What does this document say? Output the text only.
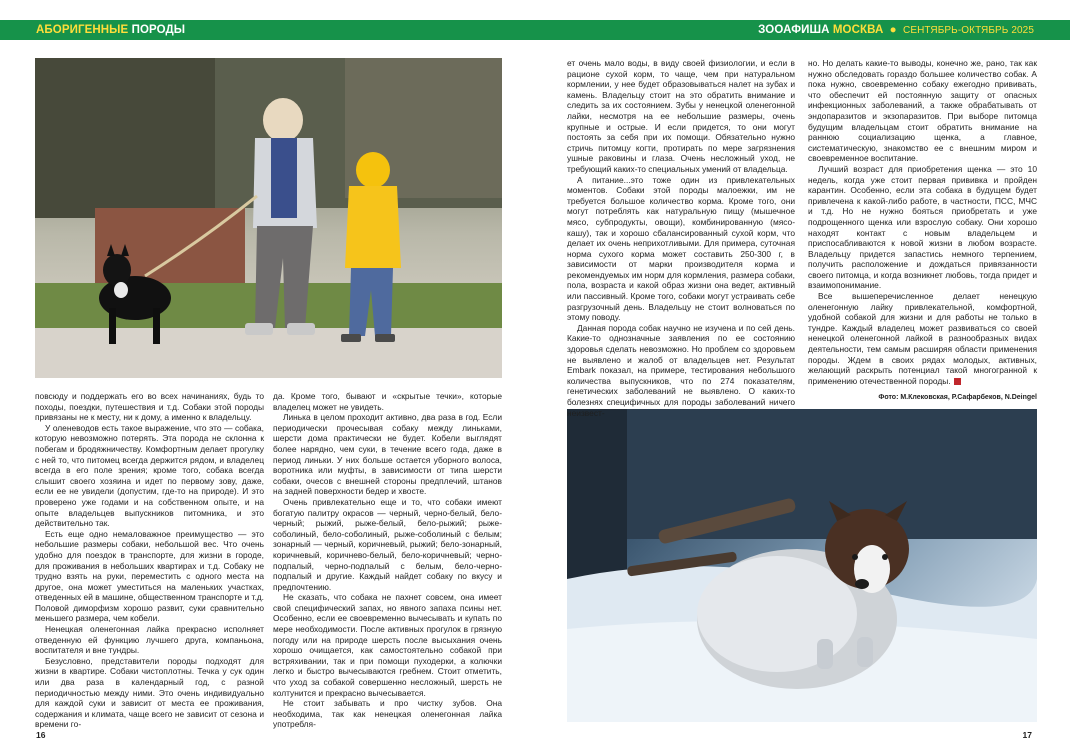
АБОРИГЕННЫЕ ПОРОДЫ	ЗООАФИША МОСКВА ● СЕНТЯБРЬ-ОКТЯБРЬ 2025

повсюду и поддержать его во всех начинаниях, будь то походы, поездки, путешествия и т.д. Собаки этой породы привязаны не к месту, ни к дому, а именно к владельцу.

У оленеводов есть такое выражение, что это — собака, которую невозможно потерять. Эта порода не склонна к побегам и бродяжничеству. Комфортным делает прогулку с ней то, что питомец всегда держится рядом, и владелец всегда в его поле зрения; кроме того, собака всегда слышит своего хозяина и идет по первому зову, даже, если ее не увидели (допустим, где-то на природе). И это проверено уже годами и на собственном опыте, и на опыте владельцев выпускников питомника, и это действительно так.

Есть еще одно немаловажное преимущество — это небольшие размеры собаки, небольшой вес. Что очень удобно для поездок в транспорте, для жизни в городе, для проживания в небольших квартирах и т.д. Собаку не трудно взять на руки, переместить с одного места на другое, она может уместиться на маленьких участках, отведенных ей в машине, общественном транспорте и т.д. Половой диморфизм хорошо развит, суки сравнительно меньшего размера, чем кобели.

Ненецкая оленегонная лайка прекрасно исполняет отведенную ей функцию лучшего друга, компаньона, воспитателя и вне тундры.

Безусловно, представители породы подходят для жизни в квартире. Собаки чистоплотны. Течка у сук один или два раза в календарный год, с разной периодичностью между ними. Это очень индивидуально для каждой суки и зависит от места ее проживания, содержания и климата, чаще всего не зависит от сезона и времени го-

да. Кроме того, бывают и «скрытые течки», которые владелец может не увидеть.

Линька в целом проходит активно, два раза в год. Если периодически прочесывая собаку между линьками, шерсти дома практически не будет. Кобели выглядят более нарядно, чем суки, в течение всего года, даже в период линьки. У них больше остается уборного волоса, воротника или муфты, в зависимости от типа шерсти собаки, очесов с внешней стороны предплечий, штанов на задней поверхности бедер и хвосте.

Очень привлекательно еще и то, что собаки имеют богатую палитру окрасов — черный, черно-белый, бело-черный; рыжий, рыже-белый, бело-рыжий; рыже-соболиный, бело-соболиный, рыже-соболиный с белым; зонарный — черный, коричневый, рыжий; бело-зонарный, коричневый, коричнево-белый, бело-коричневый; черно-подпалый, черно-подпалый с белым, бело-черно-подпалый и другие. Каждый найдет собаку по вкусу и предпочтению.

Не сказать, что собака не пахнет совсем, она имеет свой специфический запах, но явного запаха псины нет. Особенно, если ее своевременно вычесывать и купать по мере необходимости. После активных прогулок в грязную погоду или на природе шерсть после высыхания очень хорошо очищается, как самостоятельно собакой при встряхивании, так и при помощи пуходерки, а колючки легко и быстро вычесываются гребнем. Стоит отметить, что уход за собакой совершенно несложный, шерсть не колтунится и прекрасно вычесывается.

Не стоит забывать и про чистку зубов. Она необходима, так как ненецкая оленегонная лайка употребля-

ет очень мало воды, в виду своей физиологии, и если в рационе сухой корм, то чаще, чем при натуральном кормлении, у нее будет образовываться налет на зубах и камень. Владельцу стоит на это обратить внимание и следить за их состоянием. Зубы у ненецкой оленегонной лайки, несмотря на ее небольшие размеры, очень крупные и острые. И если придется, то они могут постоять за себя при их помощи. Обязательно нужно стричь питомцу когти, протирать по мере загрязнения ушные раковины и глаза. Очень несложный уход, не требующий каких-то специальных умений от владельца.

А питание...это тоже один из привлекательных моментов. Собаки этой породы малоежки, им не требуется большое количество корма. Кроме того, они могут потреблять как натуральную пищу (мышечное мясо, субпродукты, овощи), комбинированную (мясо-кашу), так и хорошо сбалансированный сухой корм, что делает их очень неприхотливыми. Для примера, суточная норма сухого корма может составить 250-300 г, в зависимости от марки производителя корма и рекомендуемых им норм для кормления, размера собаки, пола, возраста и какой образ жизни она ведет, активный или пассивный. Кроме того, собаки могут устраивать себе разгрузочный день. Владельцу не стоит волноваться по этому поводу.

Данная порода собак научно не изучена и по сей день. Какие-то однозначные заявления по ее состоянию здоровья сделать невозможно. Но проблем со здоровьем не выявлено и жалоб от владельцев нет. Результат Embark показал, на примере, тестирования небольшого количества выпускников, что по 274 показателям, генетических заболеваний не выявлено. О каких-то болезнях специфичных для породы заболеваний ничего неизвест-

но. Но делать какие-то выводы, конечно же, рано, так как нужно обследовать гораздо большее количество собак. А пока нужно, своевременно собаку ежегодно прививать, что обеспечит ей постоянную защиту от опасных инфекционных заболеваний, а также обрабатывать от эндопаразитов и экзопаразитов. При выборе питомца будущим владельцам стоит обратить внимание на раннюю социализацию щенка, а главное, систематическую, знакомство ее с внешним миром и своевременное воспитание.

Лучший возраст для приобретения щенка — это 10 недель, когда уже стоит первая прививка и пройден карантин. Особенно, если эта собака в будущем будет привлечена к какой-либо работе, в частности, ПСС, МЧС и т.д. Но не нужно бояться приобретать и уже подрощенного щенка или взрослую собаку. Они хорошо находят контакт с новым владельцем и приспосабливаются к новой жизни в любом возрасте. Владельцу придется запастись немного терпением, получить расположение и дождаться привязанности своего питомца, и когда возникнет любовь, тогда придет и взаимопонимание.

Все вышеперечисленное делает ненецкую оленегонную лайку привлекательной, комфортной, удобной собакой для жизни и для работы не только в тундре. Каждый владелец может развиваться со своей ненецкой оленегонной лайкой в разнообразных видах деятельности, тем самым расширяя области применения породы. Ждем в своих рядах молодых, активных, желающий раскрыть потенциал такой многогранной к применению отечественной породы.

Фото: М.Клековская, Р.Сафарбеков, N.Deingel
16	17
